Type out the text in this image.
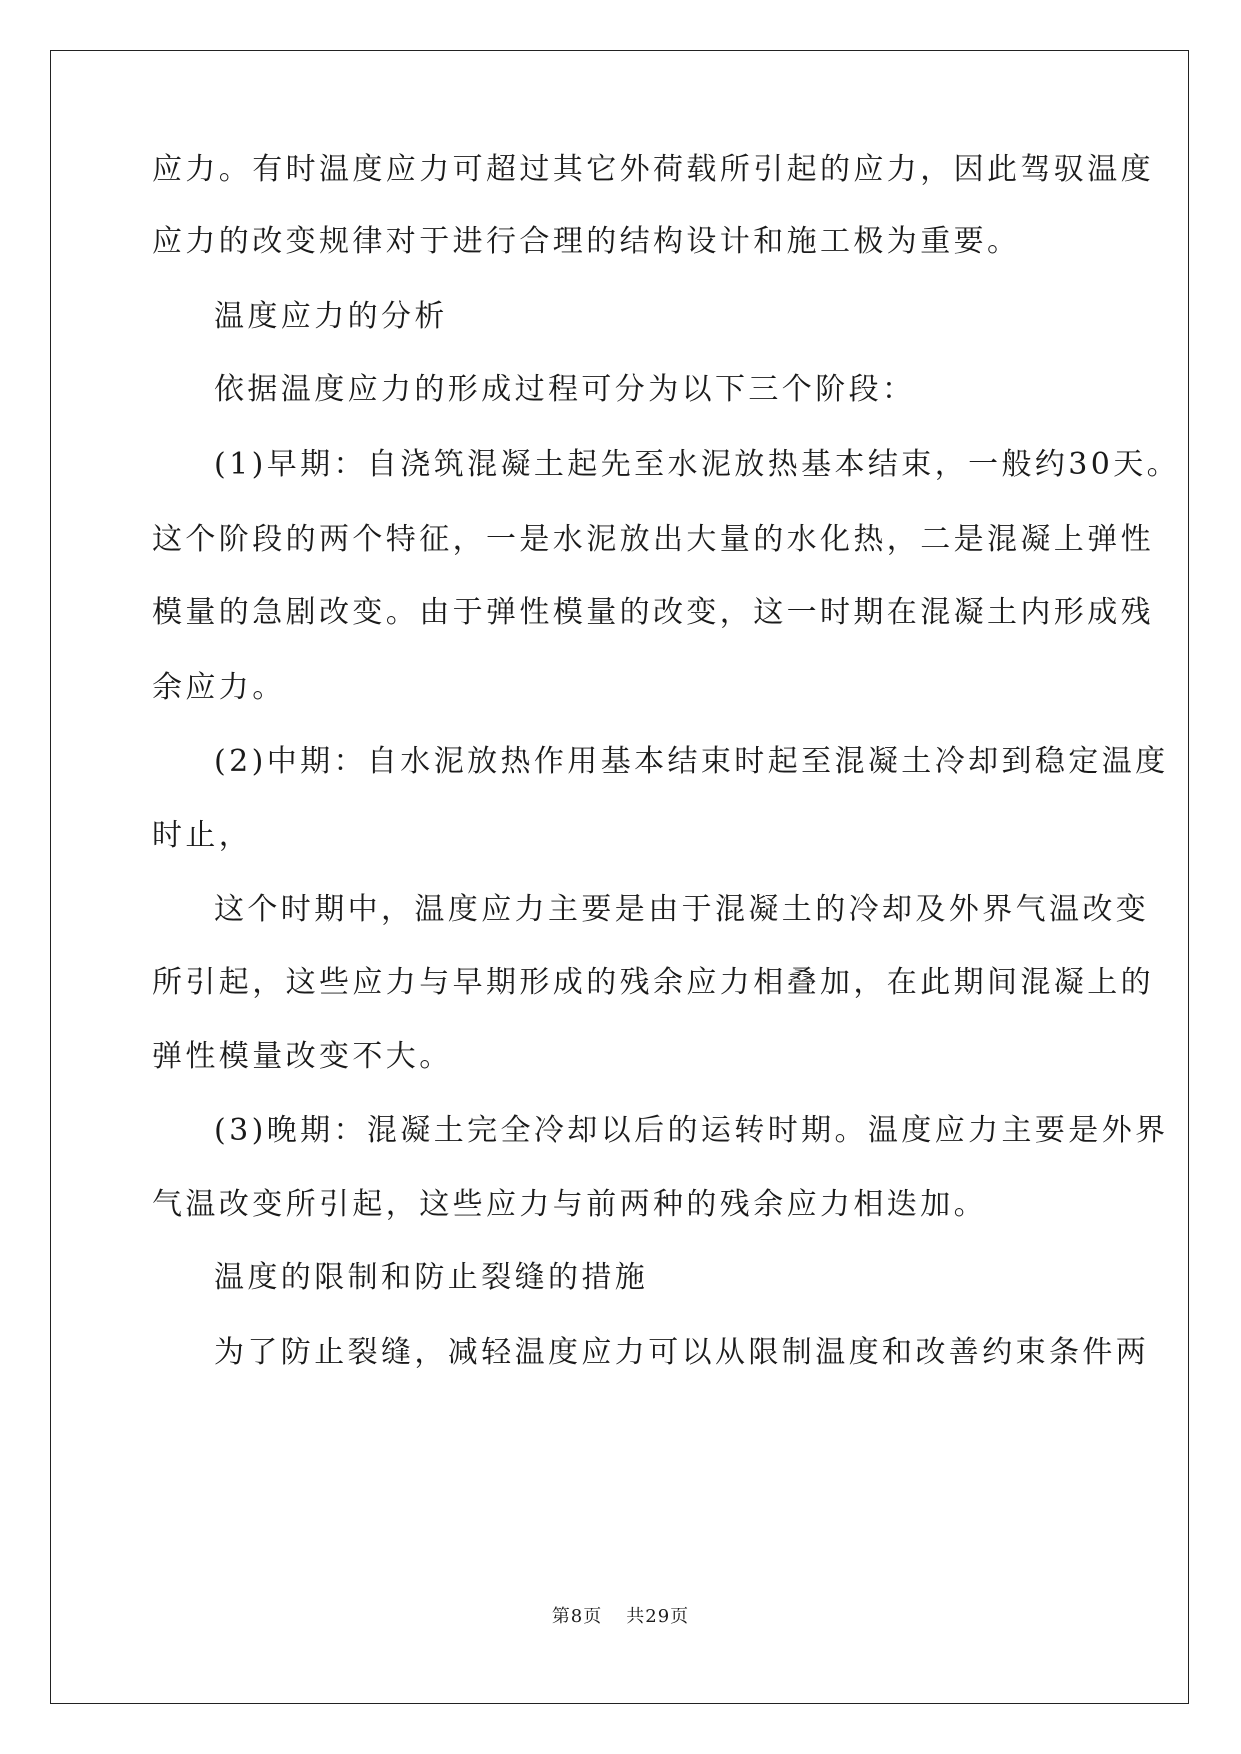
应力。有时温度应力可超过其它外荷载所引起的应力，因此驾驭温度
应力的改变规律对于进行合理的结构设计和施工极为重要。
温度应力的分析
依据温度应力的形成过程可分为以下三个阶段：
(1)早期：自浇筑混凝土起先至水泥放热基本结束，一般约30天。
这个阶段的两个特征，一是水泥放出大量的水化热，二是混凝上弹性
模量的急剧改变。由于弹性模量的改变，这一时期在混凝土内形成残
余应力。
(2)中期：自水泥放热作用基本结束时起至混凝土冷却到稳定温度
时止，
这个时期中，温度应力主要是由于混凝土的冷却及外界气温改变
所引起，这些应力与早期形成的残余应力相叠加，在此期间混凝上的
弹性模量改变不大。
(3)晚期：混凝土完全冷却以后的运转时期。温度应力主要是外界
气温改变所引起，这些应力与前两种的残余应力相迭加。
温度的限制和防止裂缝的措施
为了防止裂缝，减轻温度应力可以从限制温度和改善约束条件两
第8页 共29页
